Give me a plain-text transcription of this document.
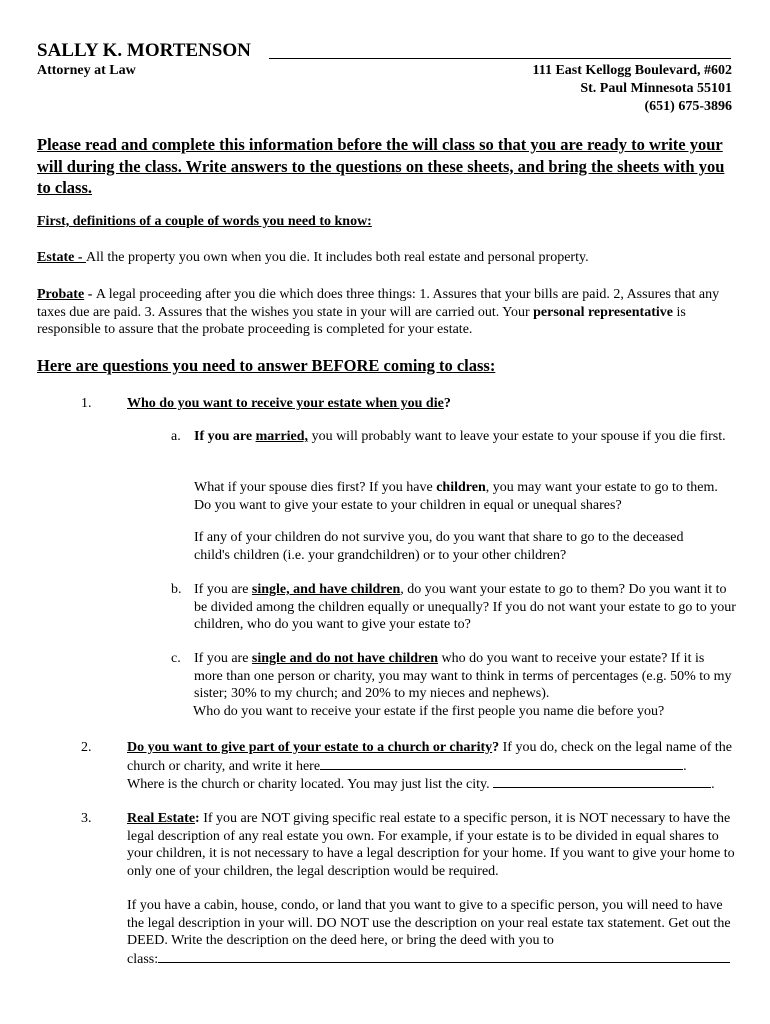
SALLY K. MORTENSON
Attorney at Law	111 East Kellogg Boulevard, #602
St. Paul Minnesota 55101
(651) 675-3896
Please read and complete this information before the will class so that you are ready to write your will during the class. Write answers to the questions on these sheets, and bring the sheets with you to class.
First, definitions of a couple of words you need to know:
Estate - All the property you own when you die. It includes both real estate and personal property.
Probate - A legal proceeding after you die which does three things: 1. Assures that your bills are paid. 2, Assures that any taxes due are paid. 3. Assures that the wishes you state in your will are carried out. Your personal representative is responsible to assure that the probate proceeding is completed for your estate.
Here are questions you need to answer BEFORE coming to class:
1.	Who do you want to receive your estate when you die?
a. If you are married, you will probably want to leave your estate to your spouse if you die first.
What if your spouse dies first? If you have children, you may want your estate to go to them. Do you want to give your estate to your children in equal or unequal shares?
If any of your children do not survive you, do you want that share to go to the deceased child's children (i.e. your grandchildren) or to your other children?
b. If you are single, and have children, do you want your estate to go to them? Do you want it to be divided among the children equally or unequally? If you do not want your estate to go to your children, who do you want to give your estate to?
c. If you are single and do not have children who do you want to receive your estate? If it is more than one person or charity, you may want to think in terms of percentages (e.g. 50% to my sister; 30% to my church; and 20% to my nieces and nephews).
Who do you want to receive your estate if the first people you name die before you?
2.	Do you want to give part of your estate to a church or charity? If you do, check on the legal name of the church or charity, and write it here	.
Where is the church or charity located. You may just list the city.	.
3.	Real Estate: If you are NOT giving specific real estate to a specific person, it is NOT necessary to have the legal description of any real estate you own. For example, if your estate is to be divided in equal shares to your children, it is not necessary to have a legal description for your home. If you want to give your home to only one of your children, the legal description would be required.
If you have a cabin, house, condo, or land that you want to give to a specific person, you will need to have the legal description in your will. DO NOT use the description on your real estate tax statement. Get out the DEED. Write the description on the deed here, or bring the deed with you to
class:
